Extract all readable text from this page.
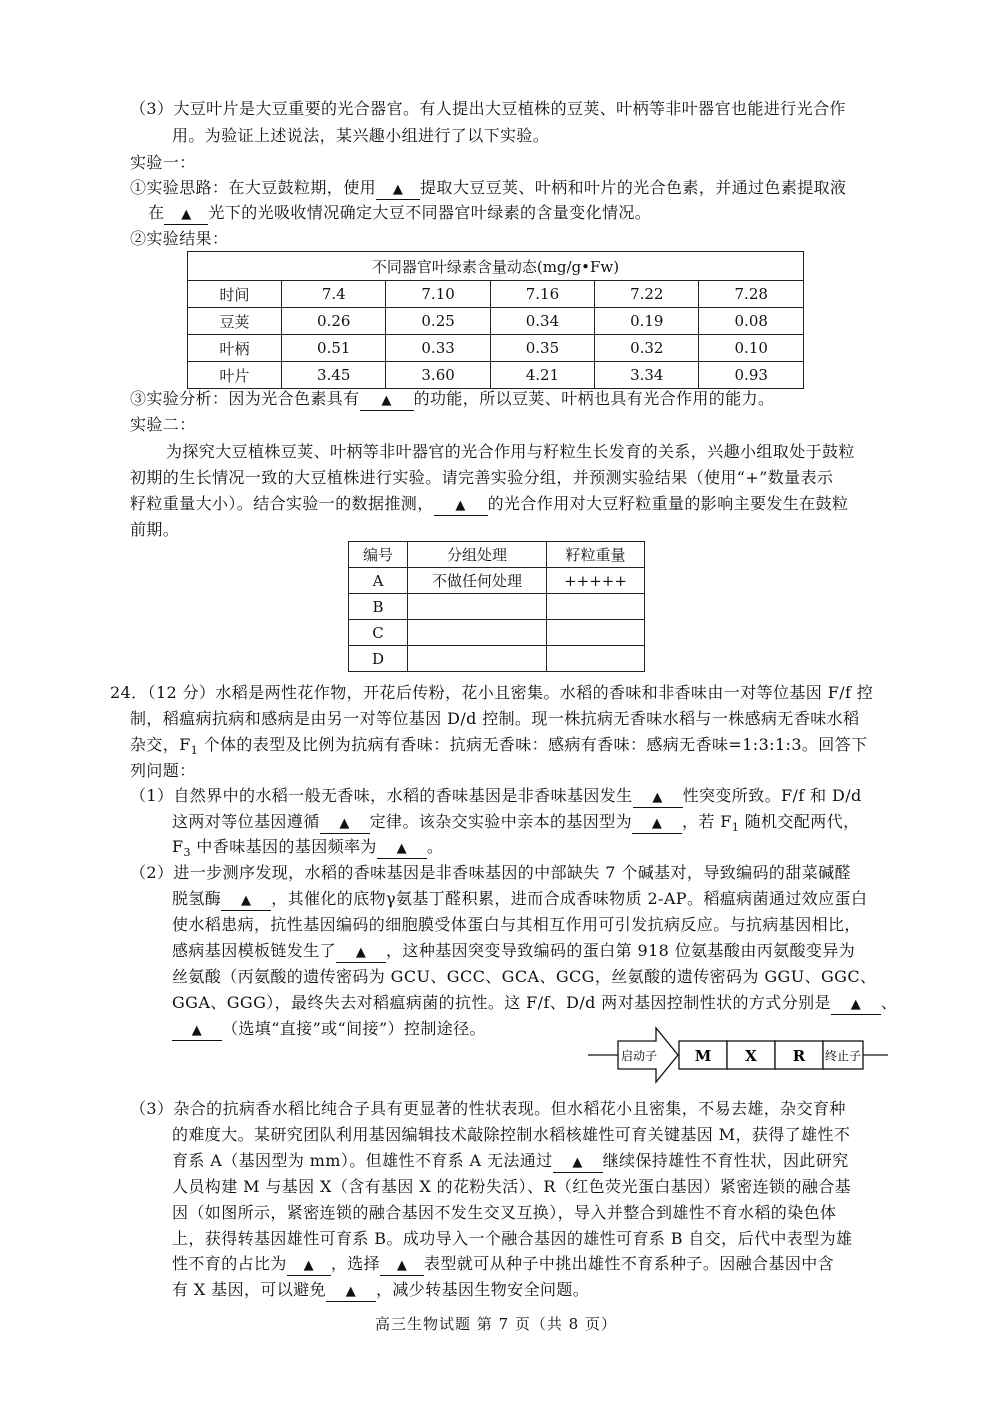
（3）大豆叶片是大豆重要的光合器官。有人提出大豆植株的豆荚、叶柄等非叶器官也能进行光合作
用。为验证上述说法，某兴趣小组进行了以下实验。
实验一：
①实验思路：在大豆鼓粒期，使用 ▲ 提取大豆豆荚、叶柄和叶片的光合色素，并通过色素提取液
在 ▲ 光下的光吸收情况确定大豆不同器官叶绿素的含量变化情况。
②实验结果：
不同器官叶绿素含量动态(mg/g•Fw)					
时间	7.4	7.10	7.16	7.22	7.28
豆荚	0.26	0.25	0.34	0.19	0.08
叶柄	0.51	0.33	0.35	0.32	0.10
叶片	3.45	3.60	4.21	3.34	0.93
③实验分析：因为光合色素具有 ▲ 的功能，所以豆荚、叶柄也具有光合作用的能力。
实验二：
为探究大豆植株豆荚、叶柄等非叶器官的光合作用与籽粒生长发育的关系，兴趣小组取处于鼓粒
初期的生长情况一致的大豆植株进行实验。请完善实验分组，并预测实验结果（使用“+”数量表示
籽粒重量大小）。结合实验一的数据推测， ▲ 的光合作用对大豆籽粒重量的影响主要发生在鼓粒
前期。
编号	分组处理	籽粒重量
A	不做任何处理	+++++
B		
C		
D		
24．（12 分）水稻是两性花作物，开花后传粉，花小且密集。水稻的香味和非香味由一对等位基因 F/f 控
制，稻瘟病抗病和感病是由另一对等位基因 D/d 控制。现一株抗病无香味水稻与一株感病无香味水稻
杂交，$F_1$ 个体的表型及比例为抗病有香味：抗病无香味：感病有香味：感病无香味=1:3:1:3。回答下
列问题：
（1）自然界中的水稻一般无香味，水稻的香味基因是非香味基因发生 ▲ 性突变所致。F/f 和 D/d
这两对等位基因遵循 ▲ 定律。该杂交实验中亲本的基因型为 ▲ ，若 $F_1$ 随机交配两代，
$F_3$ 中香味基因的基因频率为 ▲ 。
（2）进一步测序发现，水稻的香味基因是非香味基因的中部缺失 7 个碱基对，导致编码的甜菜碱醛
脱氢酶 ▲ ，其催化的底物γ氨基丁醛积累，进而合成香味物质 2-AP。稻瘟病菌通过效应蛋白
使水稻患病，抗性基因编码的细胞膜受体蛋白与其相互作用可引发抗病反应。与抗病基因相比，
感病基因模板链发生了 ▲ ，这种基因突变导致编码的蛋白第 918 位氨基酸由丙氨酸变异为
丝氨酸（丙氨酸的遗传密码为 GCU、GCC、GCA、GCG，丝氨酸的遗传密码为 GGU、GGC、
GGA、GGG），最终失去对稻瘟病菌的抗性。这 F/f、D/d 两对基因控制性状的方式分别是 ▲ 、
▲ （选填“直接”或“间接”）控制途径。
启动子	M X R 终止子
（3）杂合的抗病香水稻比纯合子具有更显著的性状表现。但水稻花小且密集，不易去雄，杂交育种
的难度大。某研究团队利用基因编辑技术敲除控制水稻核雄性可育关键基因 M，获得了雄性不
育系 A（基因型为 mm）。但雄性不育系 A 无法通过 ▲ 继续保持雄性不育性状，因此研究
人员构建 M 与基因 X（含有基因 X 的花粉失活）、R（红色荧光蛋白基因）紧密连锁的融合基
因（如图所示，紧密连锁的融合基因不发生交叉互换），导入并整合到雄性不育水稻的染色体
上，获得转基因雄性可育系 B。成功导入一个融合基因的雄性可育系 B 自交，后代中表型为雄
性不育的占比为 ▲ ，选择 ▲ 表型就可从种子中挑出雄性不育系种子。因融合基因中含
有 X 基因，可以避免 ▲ ，减少转基因生物安全问题。
高三生物试题 第 7 页（共 8 页）
